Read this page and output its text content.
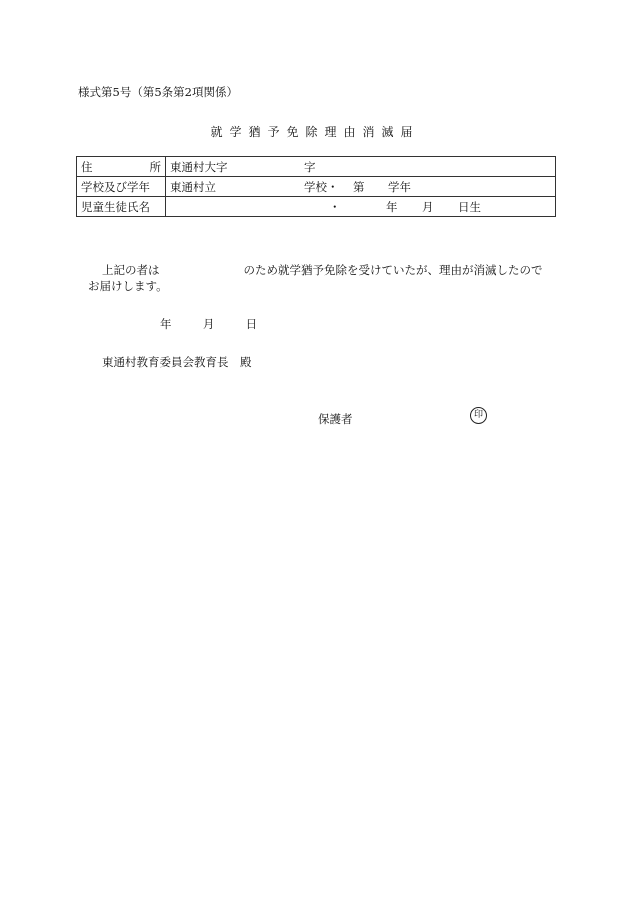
様式第5号（第5条第2項関係）
就学猶予免除理由消滅届
住 所	東通村大字 字

学校及び学年	東通村立 学校・ 第 学年

児童生徒氏名	・ 年 月 日生
上記の者は	のため就学猶予免除を受けていたが、理由が消滅したので
お届けします。
年	月	日
東通村教育委員会教育長　殿
保護者	印
